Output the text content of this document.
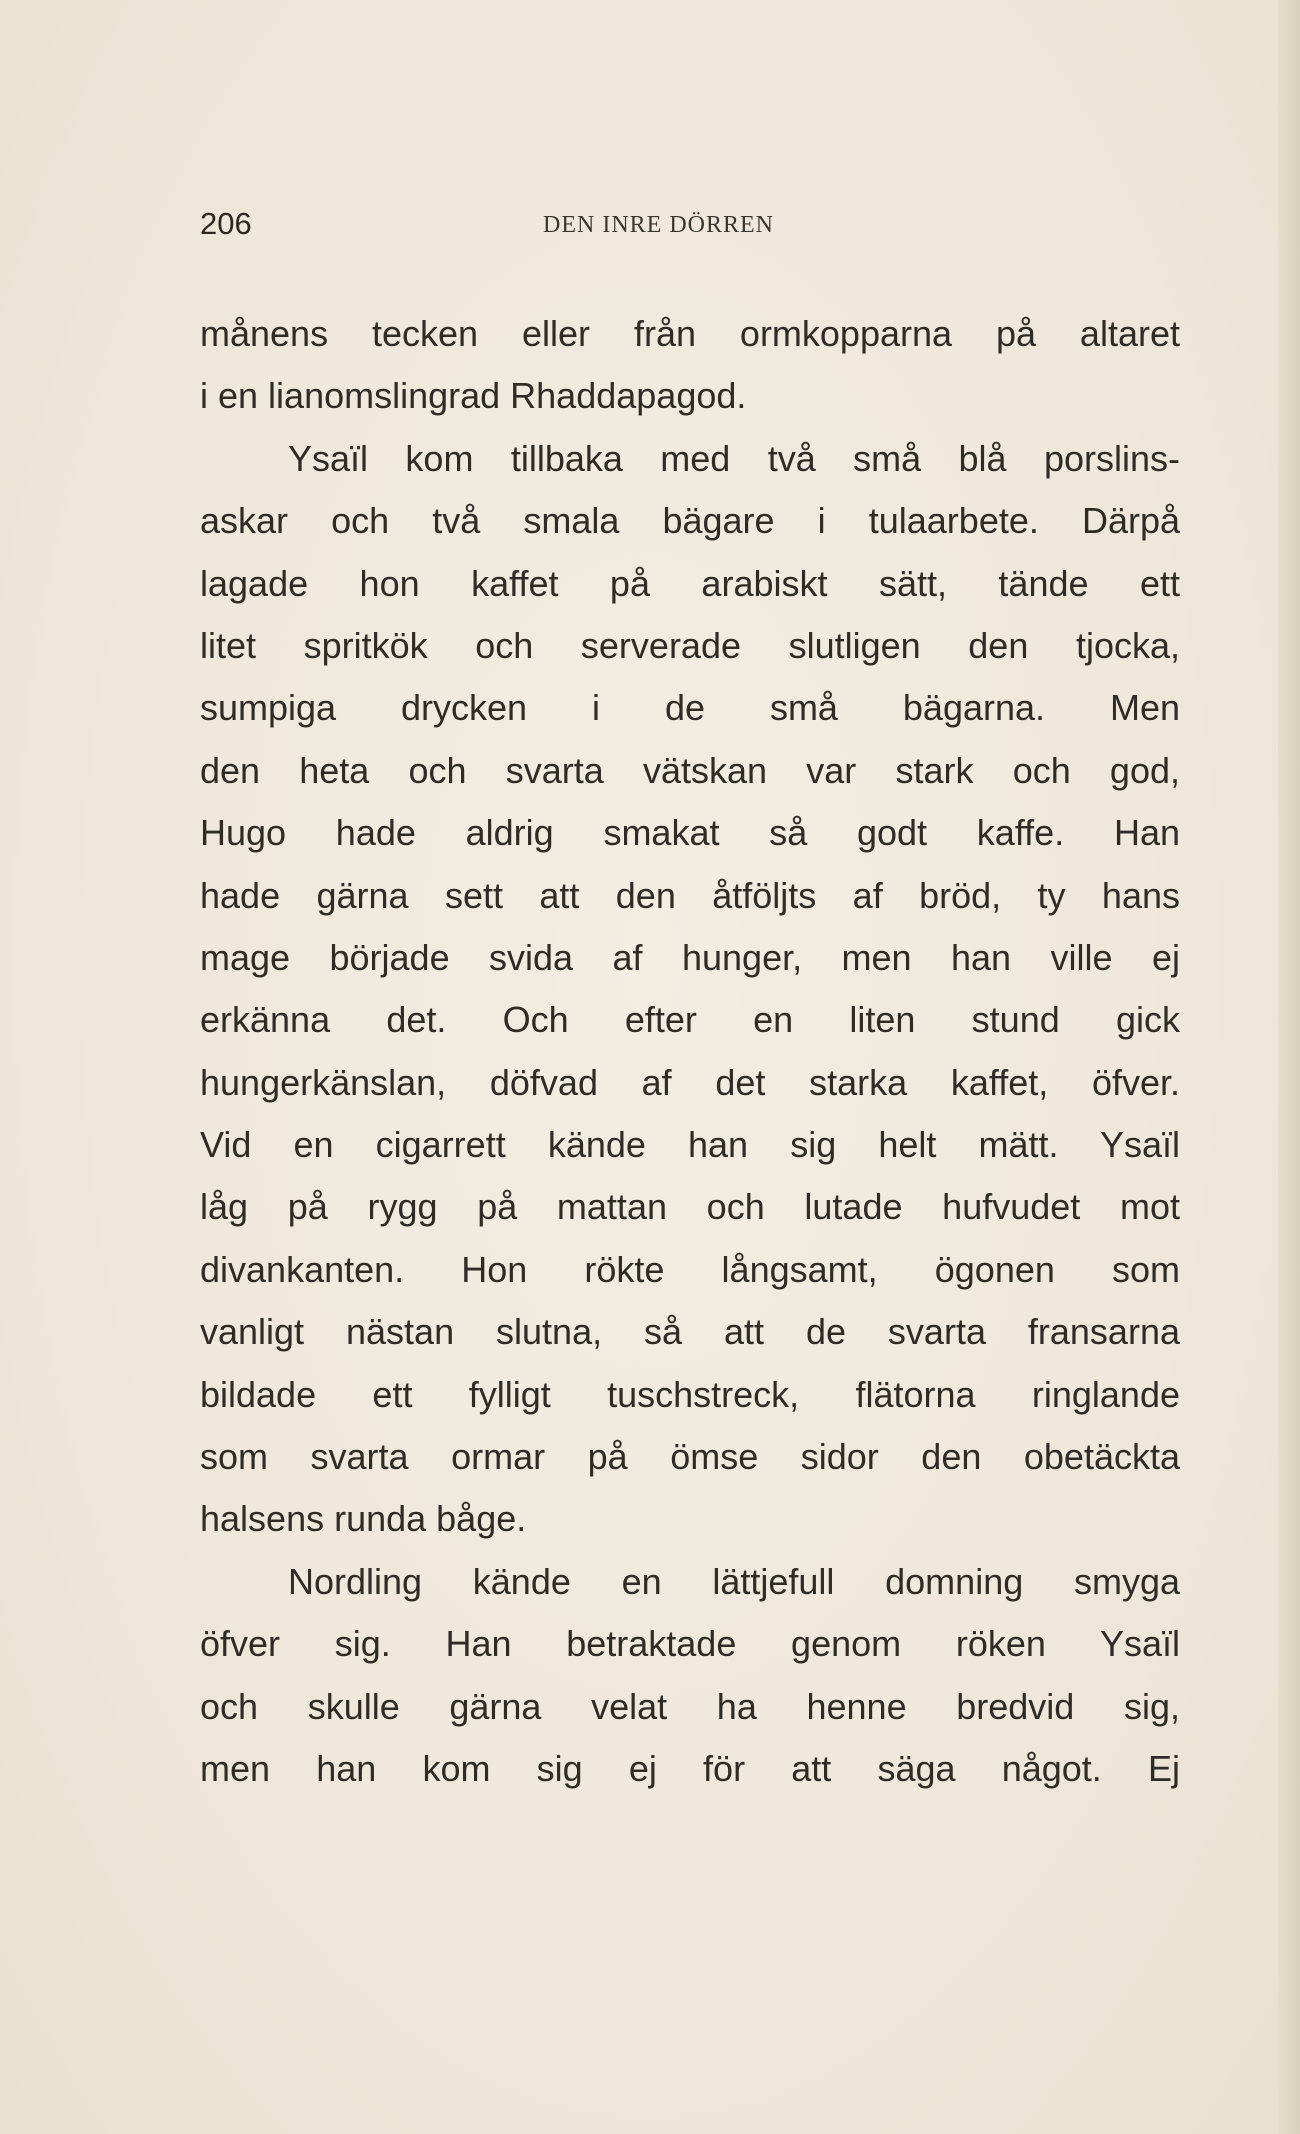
206	DEN INRE DÖRREN
månens tecken eller från ormkopparna på altaret
i en lianomslingrad Rhaddapagod.
Ysaïl kom tillbaka med två små blå porslins-
askar och två smala bägare i tulaarbete. Därpå
lagade hon kaffet på arabiskt sätt, tände ett
litet spritkök och serverade slutligen den tjocka,
sumpiga drycken i de små bägarna. Men
den heta och svarta vätskan var stark och god,
Hugo hade aldrig smakat så godt kaffe. Han
hade gärna sett att den åtföljts af bröd, ty hans
mage började svida af hunger, men han ville ej
erkänna det. Och efter en liten stund gick
hungerkänslan, döfvad af det starka kaffet, öfver.
Vid en cigarrett kände han sig helt mätt. Ysaïl
låg på rygg på mattan och lutade hufvudet mot
divankanten. Hon rökte långsamt, ögonen som
vanligt nästan slutna, så att de svarta fransarna
bildade ett fylligt tuschstreck, flätorna ringlande
som svarta ormar på ömse sidor den obetäckta
halsens runda båge.
Nordling kände en lättjefull domning smyga
öfver sig. Han betraktade genom röken Ysaïl
och skulle gärna velat ha henne bredvid sig,
men han kom sig ej för att säga något. Ej
